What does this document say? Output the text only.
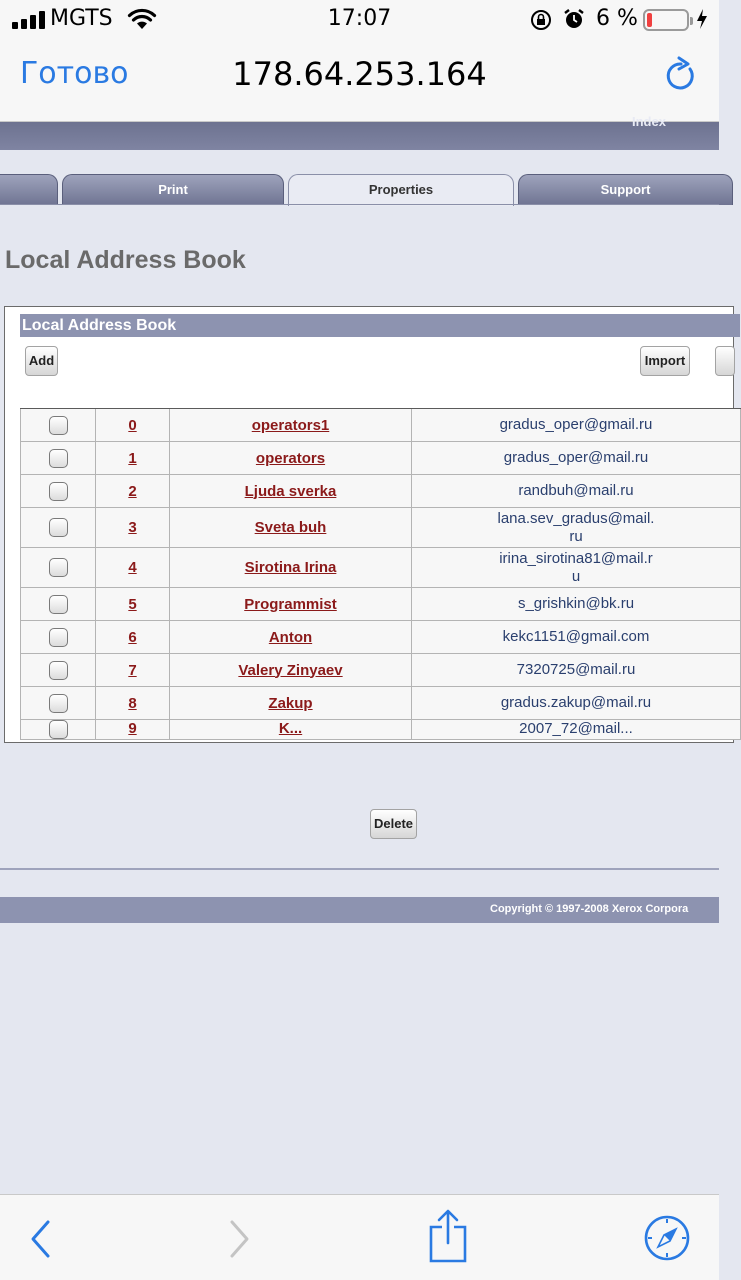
MGTS	17:07	6 %
Готово	178.64.253.164
Index
Print	Properties	Support
Local Address Book
Local Address Book
Add	Import

	0	operators1	gradus_oper@gmail.ru
	1	operators	gradus_oper@mail.ru
	2	Ljuda sverka	randbuh@mail.ru
	3	Sveta buh	lana.sev_gradus@mail.ru
	4	Sirotina Irina	irina_sirotina81@mail.ru
	5	Programmist	s_grishkin@bk.ru
	6	Anton	kekc1151@gmail.com
	7	Valery Zinyaev	7320725@mail.ru
	8	Zakup	gradus.zakup@mail.ru
	9	K...	2007_72@mail...
Delete
Copyright © 1997-2008 Xerox Corpora
